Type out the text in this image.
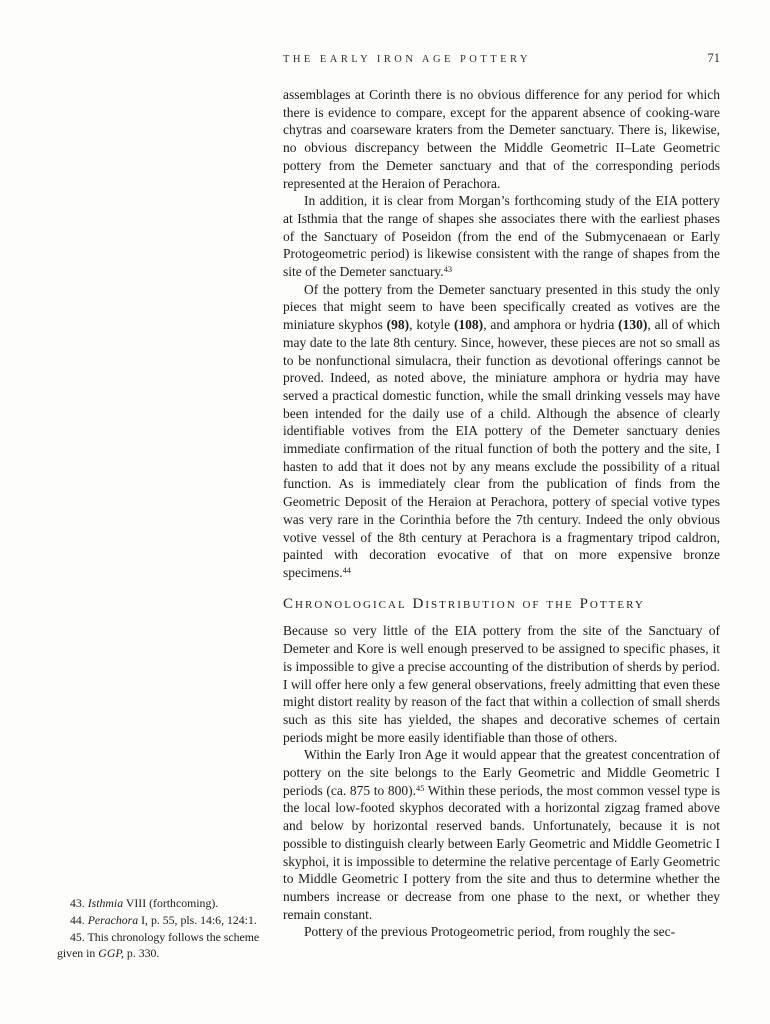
THE EARLY IRON AGE POTTERY	71

assemblages at Corinth there is no obvious difference for any period for which there is evidence to compare, except for the apparent absence of cooking-ware chytras and coarseware kraters from the Demeter sanctuary. There is, likewise, no obvious discrepancy between the Middle Geometric II–Late Geometric pottery from the Demeter sanctuary and that of the corresponding periods represented at the Heraion of Perachora.

In addition, it is clear from Morgan’s forthcoming study of the EIA pottery at Isthmia that the range of shapes she associates there with the earliest phases of the Sanctuary of Poseidon (from the end of the Submycenaean or Early Protogeometric period) is likewise consistent with the range of shapes from the site of the Demeter sanctuary.$^{43}$

Of the pottery from the Demeter sanctuary presented in this study the only pieces that might seem to have been specifically created as votives are the miniature skyphos (98), kotyle (108), and amphora or hydria (130), all of which may date to the late 8th century. Since, however, these pieces are not so small as to be nonfunctional simulacra, their function as devotional offerings cannot be proved. Indeed, as noted above, the miniature amphora or hydria may have served a practical domestic function, while the small drinking vessels may have been intended for the daily use of a child. Although the absence of clearly identifiable votives from the EIA pottery of the Demeter sanctuary denies immediate confirmation of the ritual function of both the pottery and the site, I hasten to add that it does not by any means exclude the possibility of a ritual function. As is immediately clear from the publication of finds from the Geometric Deposit of the Heraion at Perachora, pottery of special votive types was very rare in the Corinthia before the 7th century. Indeed the only obvious votive vessel of the 8th century at Perachora is a fragmentary tripod caldron, painted with decoration evocative of that on more expensive bronze specimens.$^{44}$

Chronological Distribution of the Pottery

Because so very little of the EIA pottery from the site of the Sanctuary of Demeter and Kore is well enough preserved to be assigned to specific phases, it is impossible to give a precise accounting of the distribution of sherds by period. I will offer here only a few general observations, freely admitting that even these might distort reality by reason of the fact that within a collection of small sherds such as this site has yielded, the shapes and decorative schemes of certain periods might be more easily identifiable than those of others.

Within the Early Iron Age it would appear that the greatest concentration of pottery on the site belongs to the Early Geometric and Middle Geometric I periods (ca. 875 to 800).$^{45}$ Within these periods, the most common vessel type is the local low-footed skyphos decorated with a horizontal zigzag framed above and below by horizontal reserved bands. Unfortunately, because it is not possible to distinguish clearly between Early Geometric and Middle Geometric I skyphoi, it is impossible to determine the relative percentage of Early Geometric to Middle Geometric I pottery from the site and thus to determine whether the numbers increase or decrease from one phase to the next, or whether they remain constant.

Pottery of the previous Protogeometric period, from roughly the sec-

43. Isthmia VIII (forthcoming).

44. Perachora I, p. 55, pls. 14:6, 124:1.

45. This chronology follows the scheme given in GGP, p. 330.
